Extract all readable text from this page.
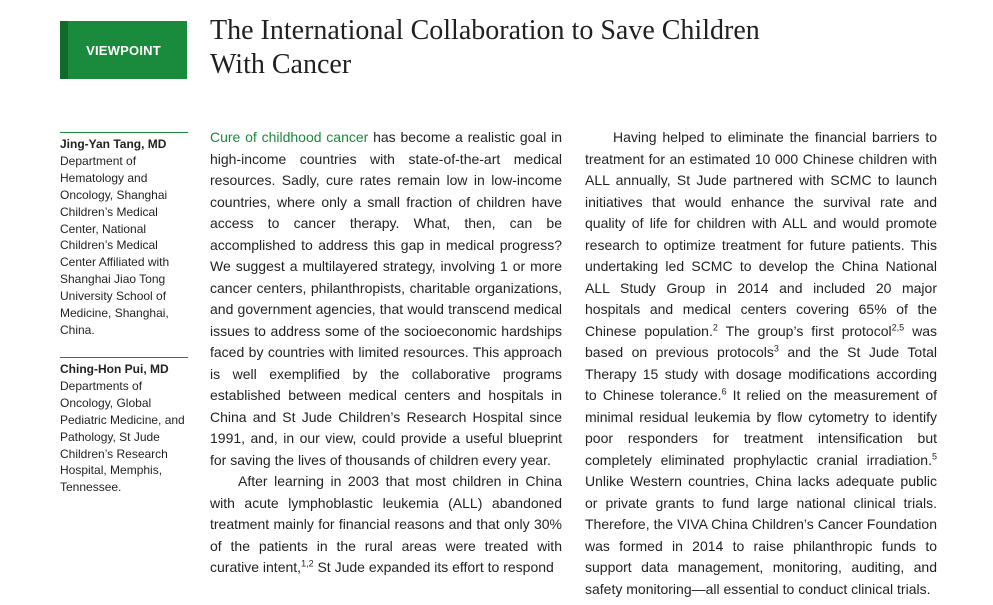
VIEWPOINT
The International Collaboration to Save Children
With Cancer
Jing-Yan Tang, MD
Department of Hematology and Oncology, Shanghai Children’s Medical Center, National Children’s Medical Center Affiliated with Shanghai Jiao Tong University School of Medicine, Shanghai, China.
Ching-Hon Pui, MD
Departments of Oncology, Global Pediatric Medicine, and Pathology, St Jude Children’s Research Hospital, Memphis, Tennessee.

Cure of childhood cancer has become a realistic goal in high-income countries with state-of-the-art medical resources. Sadly, cure rates remain low in low-income countries, where only a small fraction of children have access to cancer therapy. What, then, can be accomplished to address this gap in medical progress? We suggest a multilayered strategy, involving 1 or more cancer centers, philanthropists, charitable organizations, and government agencies, that would transcend medical issues to address some of the socioeconomic hardships faced by countries with limited resources. This approach is well exemplified by the collaborative programs established between medical centers and hospitals in China and St Jude Children’s Research Hospital since 1991, and, in our view, could provide a useful blueprint for saving the lives of thousands of children every year.

After learning in 2003 that most children in China with acute lymphoblastic leukemia (ALL) abandoned treatment mainly for financial reasons and that only 30% of the patients in the rural areas were treated with curative intent,$^{1,2}$ St Jude expanded its effort to respond

Having helped to eliminate the financial barriers to treatment for an estimated 10 000 Chinese children with ALL annually, St Jude partnered with SCMC to launch initiatives that would enhance the survival rate and quality of life for children with ALL and would promote research to optimize treatment for future patients. This undertaking led SCMC to develop the China National ALL Study Group in 2014 and included 20 major hospitals and medical centers covering 65% of the Chinese population.$^2$ The group’s first protocol$^{2,5}$ was based on previous protocols$^3$ and the St Jude Total Therapy 15 study with dosage modifications according to Chinese tolerance.$^6$ It relied on the measurement of minimal residual leukemia by flow cytometry to identify poor responders for treatment intensification but completely eliminated prophylactic cranial irradiation.$^5$ Unlike Western countries, China lacks adequate public or private grants to fund large national clinical trials. Therefore, the VIVA China Children’s Cancer Foundation was formed in 2014 to raise philanthropic funds to support data management, monitoring, auditing, and safety monitoring—all essential to conduct clinical trials.
